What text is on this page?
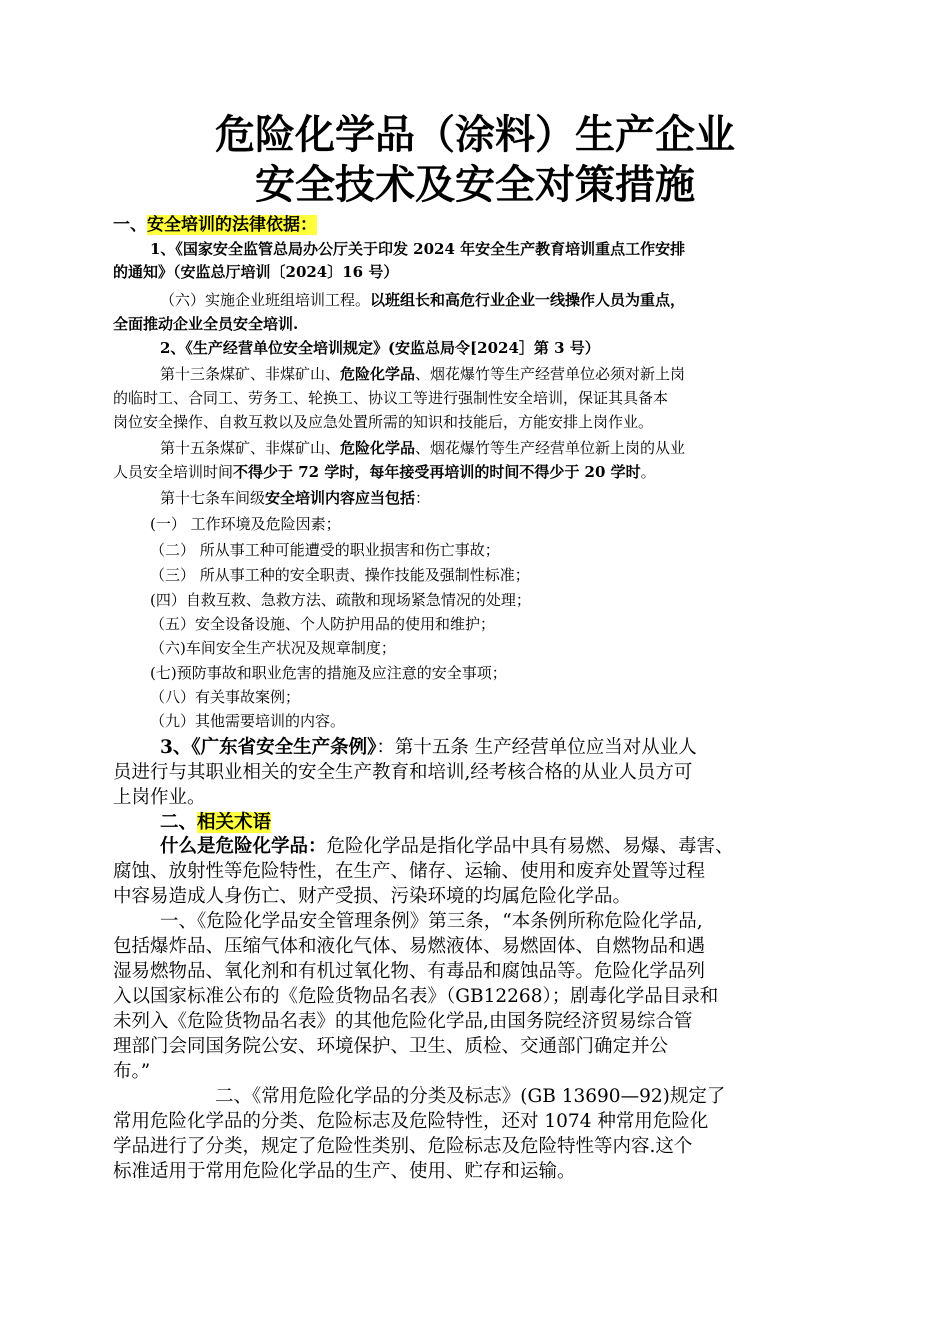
危险化学品（涂料）生产企业
安全技术及安全对策措施
一、安全培训的法律依据：
1、《国家安全监管总局办公厅关于印发 2024 年安全生产教育培训重点工作安排
的通知》（安监总厅培训〔2024〕16 号）
（六）实施企业班组培训工程。以班组长和高危行业企业一线操作人员为重点，
全面推动企业全员安全培训.
2、《生产经营单位安全培训规定》(安监总局令[2024］第 3 号）
第十三条煤矿、非煤矿山、危险化学品、烟花爆竹等生产经营单位必须对新上岗
的临时工、合同工、劳务工、轮换工、协议工等进行强制性安全培训，保证其具备本
岗位安全操作、自救互救以及应急处置所需的知识和技能后，方能安排上岗作业。
第十五条煤矿、非煤矿山、危险化学品、烟花爆竹等生产经营单位新上岗的从业
人员安全培训时间不得少于 72 学时，每年接受再培训的时间不得少于 20 学时。
第十七条车间级安全培训内容应当包括：
(一） 工作环境及危险因素；
（二） 所从事工种可能遭受的职业损害和伤亡事故；
（三） 所从事工种的安全职责、操作技能及强制性标准；
(四）自救互救、急救方法、疏散和现场紧急情况的处理；
（五）安全设备设施、个人防护用品的使用和维护；
（六)车间安全生产状况及规章制度；
(七)预防事故和职业危害的措施及应注意的安全事项；
（八）有关事故案例；
（九）其他需要培训的内容。
3、《广东省安全生产条例》：第十五条 生产经营单位应当对从业人
员进行与其职业相关的安全生产教育和培训,经考核合格的从业人员方可
上岗作业。
二、相关术语
什么是危险化学品：危险化学品是指化学品中具有易燃、易爆、毒害、
腐蚀、放射性等危险特性，在生产、储存、运输、使用和废弃处置等过程
中容易造成人身伤亡、财产受损、污染环境的均属危险化学品。
一、《危险化学品安全管理条例》第三条，“本条例所称危险化学品,
包括爆炸品、压缩气体和液化气体、易燃液体、易燃固体、自燃物品和遇
湿易燃物品、氧化剂和有机过氧化物、有毒品和腐蚀品等。危险化学品列
入以国家标准公布的《危险货物品名表》（GB12268）；剧毒化学品目录和
未列入《危险货物品名表》的其他危险化学品,由国务院经济贸易综合管
理部门会同国务院公安、环境保护、卫生、质检、交通部门确定并公
布。”
二、《常用危险化学品的分类及标志》(GB 13690—92)规定了
常用危险化学品的分类、危险标志及危险特性，还对 1074 种常用危险化
学品进行了分类，规定了危险性类别、危险标志及危险特性等内容.这个
标准适用于常用危险化学品的生产、使用、贮存和运输。
